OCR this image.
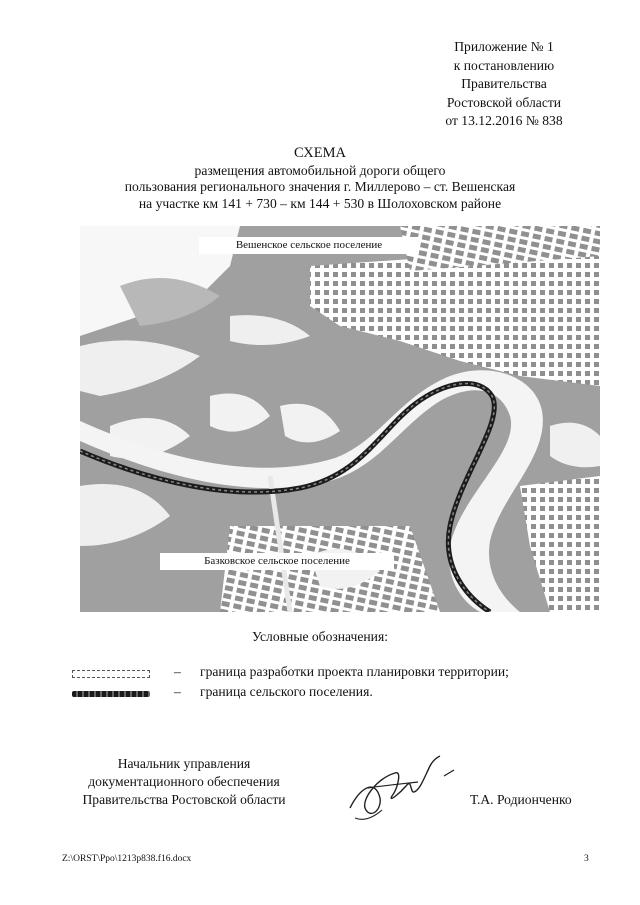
Приложение № 1
к постановлению
Правительства
Ростовской области
от 13.12.2016 № 838
СХЕМА
размещения автомобильной дороги общего
пользования регионального значения г. Миллерово – ст. Вешенская
на участке км 141 + 730 – км 144 + 530 в Шолоховском районе
Вешенское сельское поселение
Базковское сельское поселение
Условные обозначения:
– граница разработки проекта планировки территории;
– граница сельского поселения.
Начальник управления
документационного обеспечения
Правительства Ростовской области	Т.А. Родионченко
Z:\ORST\Ppo\1213p838.f16.docx	3
